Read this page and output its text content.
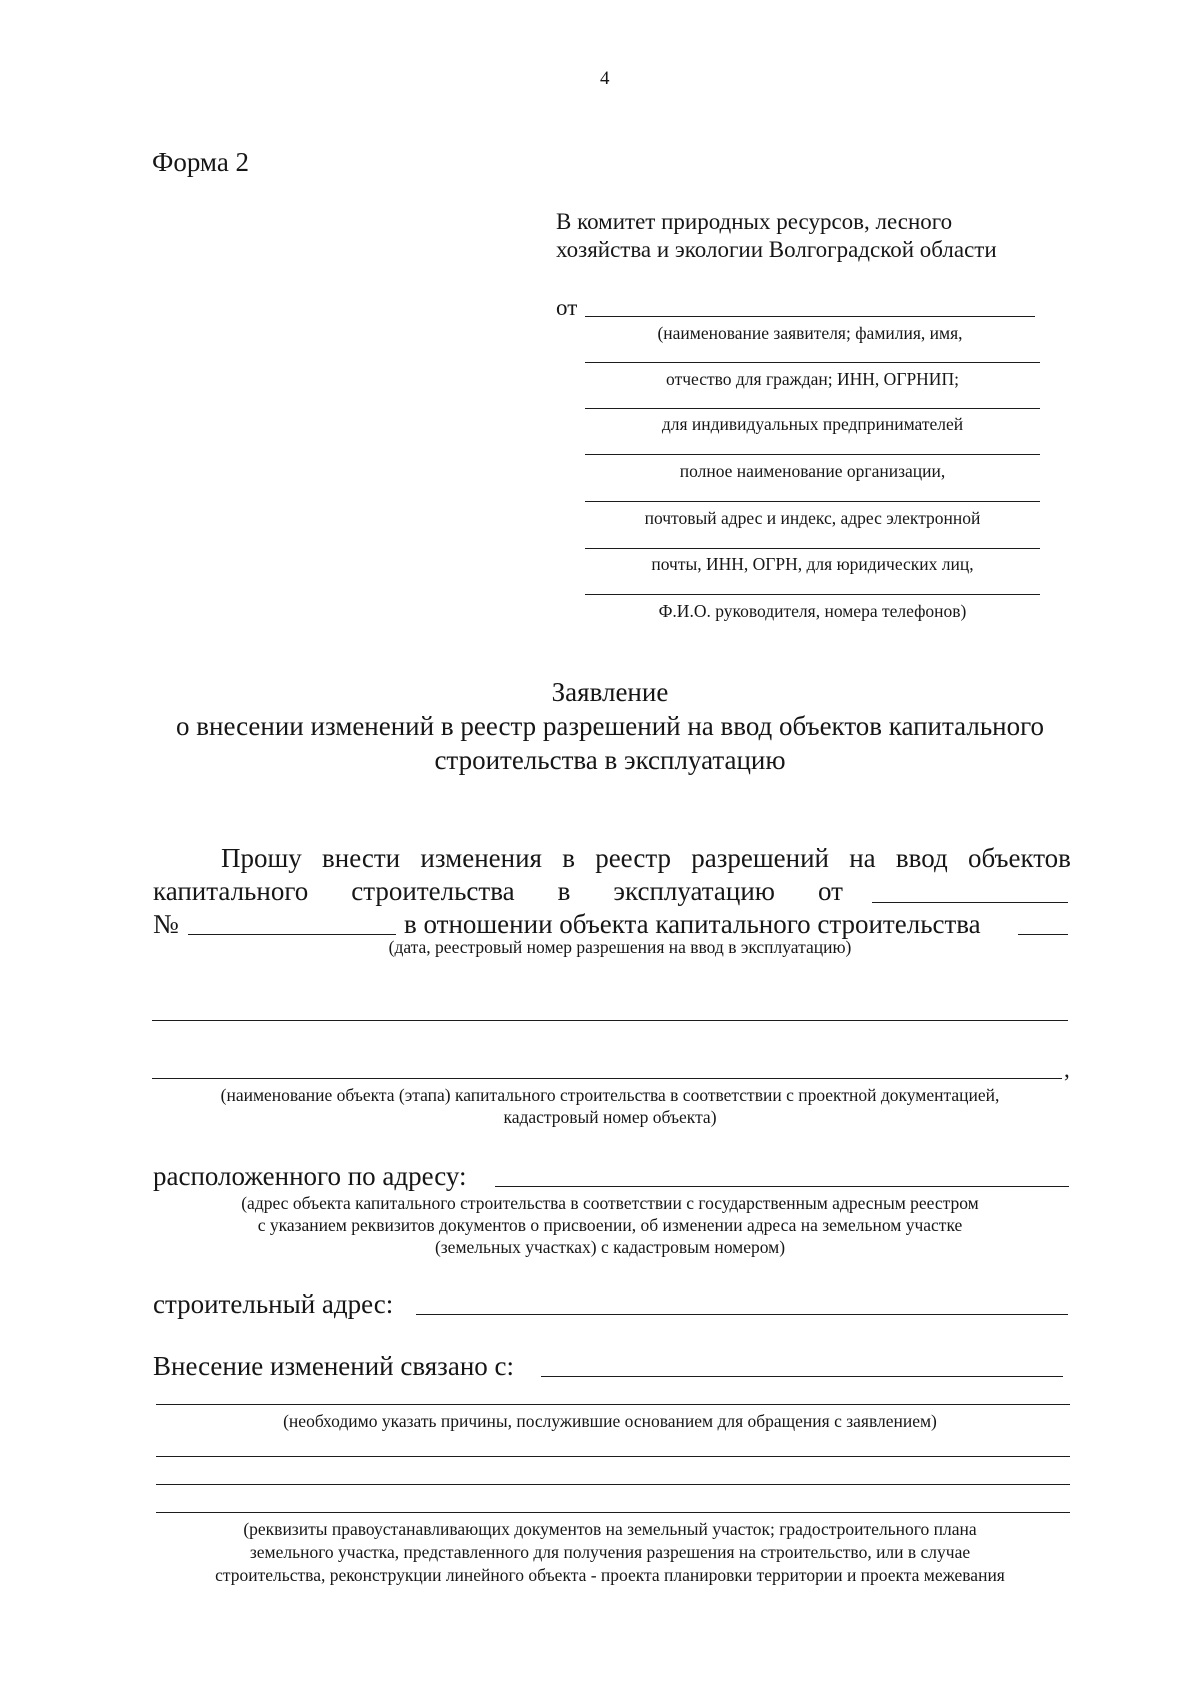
4
Форма 2
В комитет природных ресурсов, лесного
хозяйства и экологии Волгоградской области
от
(наименование заявителя; фамилия, имя,
отчество для граждан; ИНН, ОГРНИП;
для индивидуальных предпринимателей
полное наименование организации,
почтовый адрес и индекс, адрес электронной
почты, ИНН, ОГРН, для юридических лиц,
Ф.И.О. руководителя, номера телефонов)
Заявление
о внесении изменений в реестр разрешений на ввод объектов капитального
строительства в эксплуатацию
Прошу внести изменения в реестр разрешений на ввод объектов
капитального строительства в эксплуатацию от
№	в отношении объекта капитального строительства
(дата, реестровый номер разрешения на ввод в эксплуатацию)
,
(наименование объекта (этапа) капитального строительства в соответствии с проектной документацией,
кадастровый номер объекта)
расположенного по адресу:
(адрес объекта капитального строительства в соответствии с государственным адресным реестром
с указанием реквизитов документов о присвоении, об изменении адреса на земельном участке
(земельных участках) с кадастровым номером)
строительный адрес:
Внесение изменений связано с:
(необходимо указать причины, послужившие основанием для обращения с заявлением)
(реквизиты правоустанавливающих документов на земельный участок; градостроительного плана
земельного участка, представленного для получения разрешения на строительство, или в случае
строительства, реконструкции линейного объекта - проекта планировки территории и проекта межевания
